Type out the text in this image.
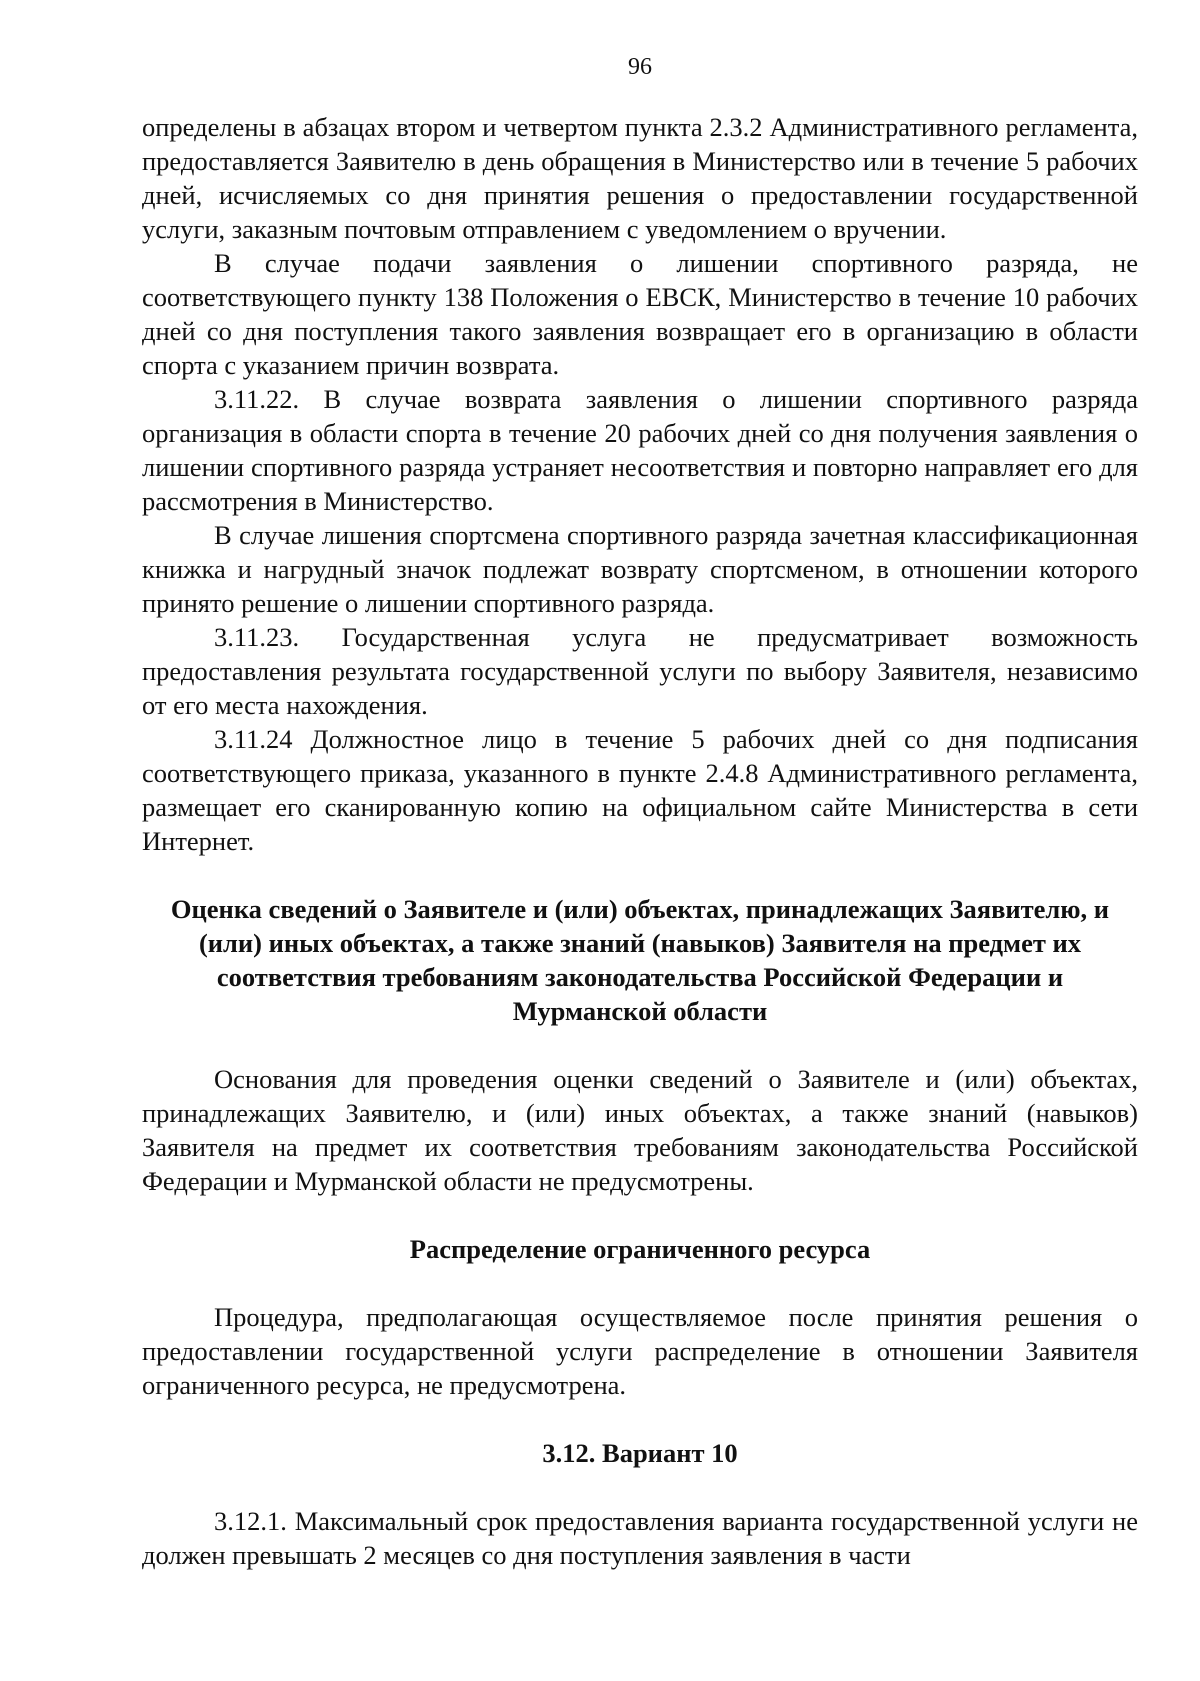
96

определены в абзацах втором и четвертом пункта 2.3.2 Административного регламента, предоставляется Заявителю в день обращения в Министерство или в течение 5 рабочих дней, исчисляемых со дня принятия решения о предоставлении государственной услуги, заказным почтовым отправлением с уведомлением о вручении.

В случае подачи заявления о лишении спортивного разряда, не соответствующего пункту 138 Положения о ЕВСК, Министерство в течение 10 рабочих дней со дня поступления такого заявления возвращает его в организацию в области спорта с указанием причин возврата.

3.11.22. В случае возврата заявления о лишении спортивного разряда организация в области спорта в течение 20 рабочих дней со дня получения заявления о лишении спортивного разряда устраняет несоответствия и повторно направляет его для рассмотрения в Министерство.

В случае лишения спортсмена спортивного разряда зачетная классификационная книжка и нагрудный значок подлежат возврату спортсменом, в отношении которого принято решение о лишении спортивного разряда.

3.11.23. Государственная услуга не предусматривает возможность предоставления результата государственной услуги по выбору Заявителя, независимо от его места нахождения.

3.11.24 Должностное лицо в течение 5 рабочих дней со дня подписания соответствующего приказа, указанного в пункте 2.4.8 Административного регламента, размещает его сканированную копию на официальном сайте Министерства в сети Интернет.

Оценка сведений о Заявителе и (или) объектах, принадлежащих Заявителю, и (или) иных объектах, а также знаний (навыков) Заявителя на предмет их соответствия требованиям законодательства Российской Федерации и Мурманской области

Основания для проведения оценки сведений о Заявителе и (или) объектах, принадлежащих Заявителю, и (или) иных объектах, а также знаний (навыков) Заявителя на предмет их соответствия требованиям законодательства Российской Федерации и Мурманской области не предусмотрены.

Распределение ограниченного ресурса

Процедура, предполагающая осуществляемое после принятия решения о предоставлении государственной услуги распределение в отношении Заявителя ограниченного ресурса, не предусмотрена.

3.12. Вариант 10

3.12.1. Максимальный срок предоставления варианта государственной услуги не должен превышать 2 месяцев со дня поступления заявления в части
